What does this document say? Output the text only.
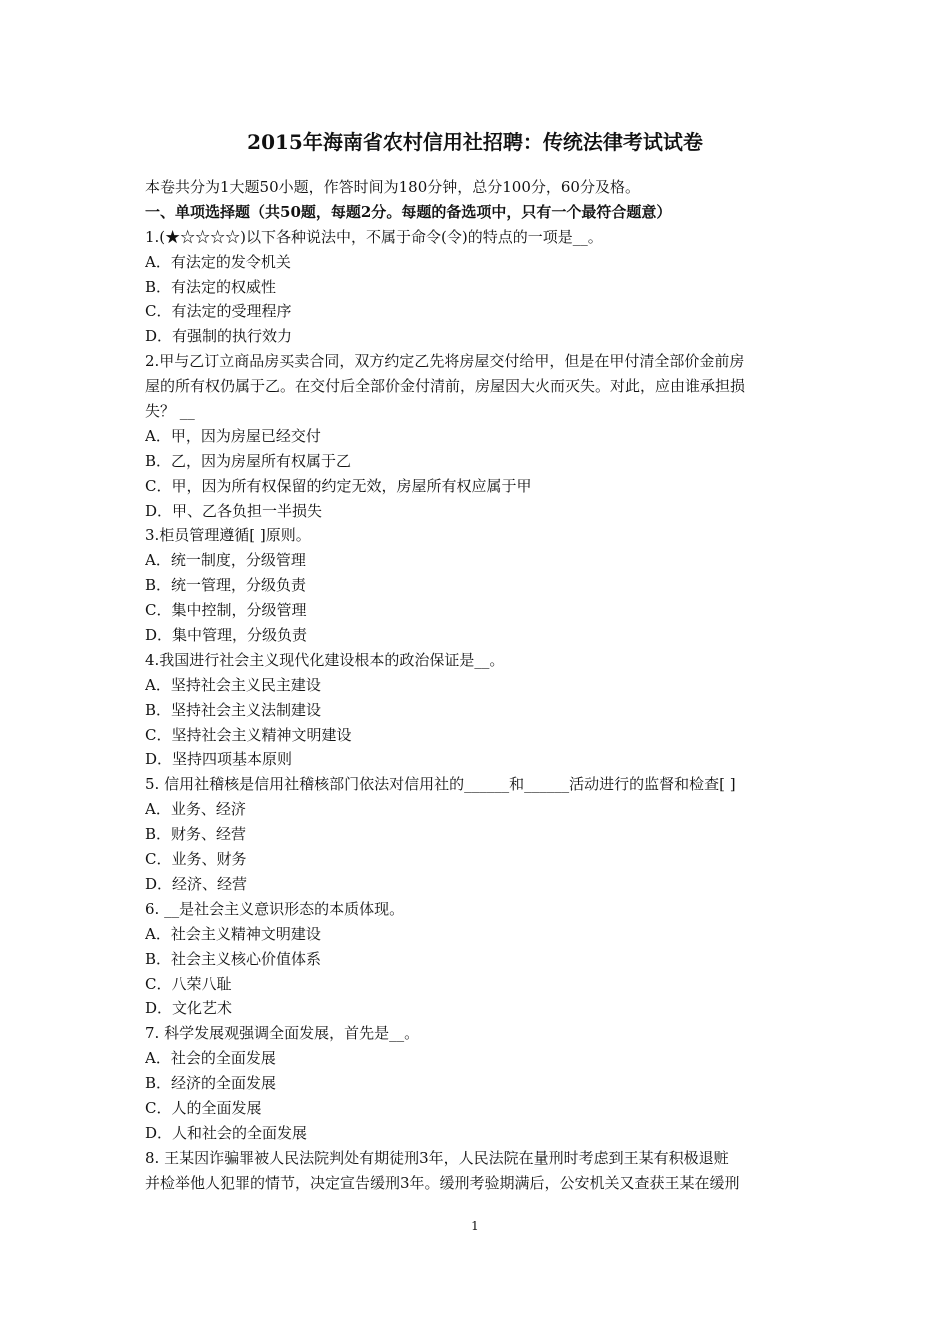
2015年海南省农村信用社招聘：传统法律考试试卷
本卷共分为1大题50小题，作答时间为180分钟，总分100分，60分及格。
一、单项选择题（共50题，每题2分。每题的备选项中，只有一个最符合题意）
1.(★☆☆☆☆)以下各种说法中，不属于命令(令)的特点的一项是__。
A．有法定的发令机关
B．有法定的权威性
C．有法定的受理程序
D．有强制的执行效力
2.甲与乙订立商品房买卖合同，双方约定乙先将房屋交付给甲，但是在甲付清全部价金前房
屋的所有权仍属于乙。在交付后全部价金付清前，房屋因大火而灭失。对此，应由谁承担损
失？ __
A．甲，因为房屋已经交付
B．乙，因为房屋所有权属于乙
C．甲，因为所有权保留的约定无效，房屋所有权应属于甲
D．甲、乙各负担一半损失
3.柜员管理遵循[ ]原则。
A．统一制度，分级管理
B．统一管理，分级负责
C．集中控制，分级管理
D．集中管理，分级负责
4.我国进行社会主义现代化建设根本的政治保证是__。
A．坚持社会主义民主建设
B．坚持社会主义法制建设
C．坚持社会主义精神文明建设
D．坚持四项基本原则
5. 信用社稽核是信用社稽核部门依法对信用社的______和______活动进行的监督和检查[ ]
A．业务、经济
B．财务、经营
C．业务、财务
D．经济、经营
6. __是社会主义意识形态的本质体现。
A．社会主义精神文明建设
B．社会主义核心价值体系
C．八荣八耻
D．文化艺术
7. 科学发展观强调全面发展，首先是__。
A．社会的全面发展
B．经济的全面发展
C．人的全面发展
D．人和社会的全面发展
8. 王某因诈骗罪被人民法院判处有期徒刑3年，人民法院在量刑时考虑到王某有积极退赃
并检举他人犯罪的情节，决定宣告缓刑3年。缓刑考验期满后，公安机关又查获王某在缓刑
1
